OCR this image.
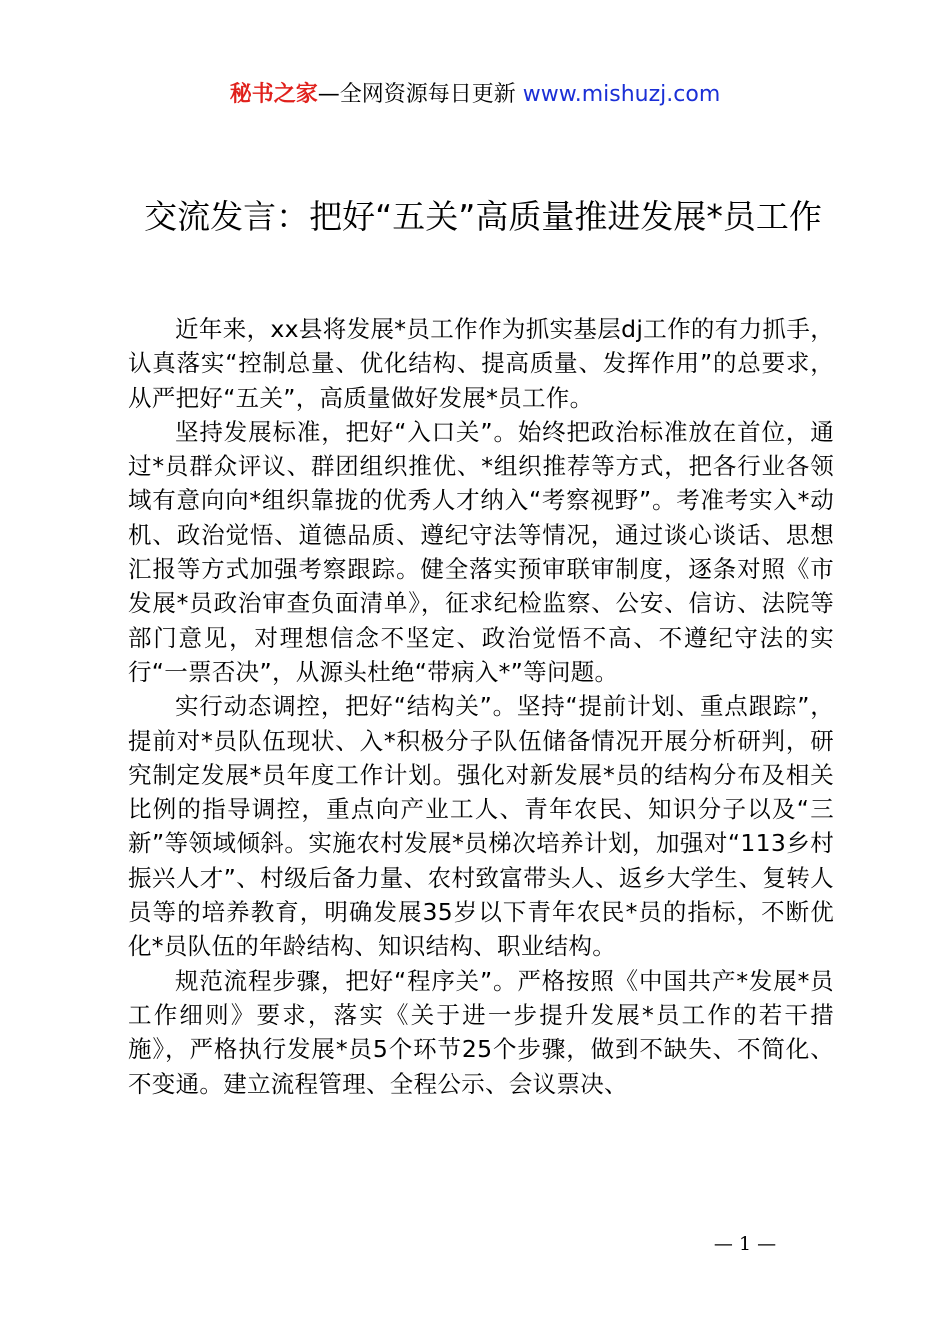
秘书之家—全网资源每日更新 www.mishuzj.com
交流发言：把好“五关”高质量推进发展*员工作

近年来，xx县将发展*员工作作为抓实基层dj工作的有力抓手，认真落实“控制总量、优化结构、提高质量、发挥作用”的总要求，从严把好“五关”，高质量做好发展*员工作。

坚持发展标准，把好“入口关”。始终把政治标准放在首位，通过*员群众评议、群团组织推优、*组织推荐等方式，把各行业各领域有意向向*组织靠拢的优秀人才纳入“考察视野”。考准考实入*动机、政治觉悟、道德品质、遵纪守法等情况，通过谈心谈话、思想汇报等方式加强考察跟踪。健全落实预审联审制度，逐条对照《市发展*员政治审查负面清单》，征求纪检监察、公安、信访、法院等部门意见，对理想信念不坚定、政治觉悟不高、不遵纪守法的实行“一票否决”，从源头杜绝“带病入*”等问题。

实行动态调控，把好“结构关”。坚持“提前计划、重点跟踪”，提前对*员队伍现状、入*积极分子队伍储备情况开展分析研判，研究制定发展*员年度工作计划。强化对新发展*员的结构分布及相关比例的指导调控，重点向产业工人、青年农民、知识分子以及“三新”等领域倾斜。实施农村发展*员梯次培养计划，加强对“113乡村振兴人才”、村级后备力量、农村致富带头人、返乡大学生、复转人员等的培养教育，明确发展35岁以下青年农民*员的指标，不断优化*员队伍的年龄结构、知识结构、职业结构。

规范流程步骤，把好“程序关”。严格按照《中国共产*发展*员工作细则》要求，落实《关于进一步提升发展*员工作的若干措施》，严格执行发展*员5个环节25个步骤，做到不缺失、不简化、不变通。建立流程管理、全程公示、会议票决、

— 1 —
